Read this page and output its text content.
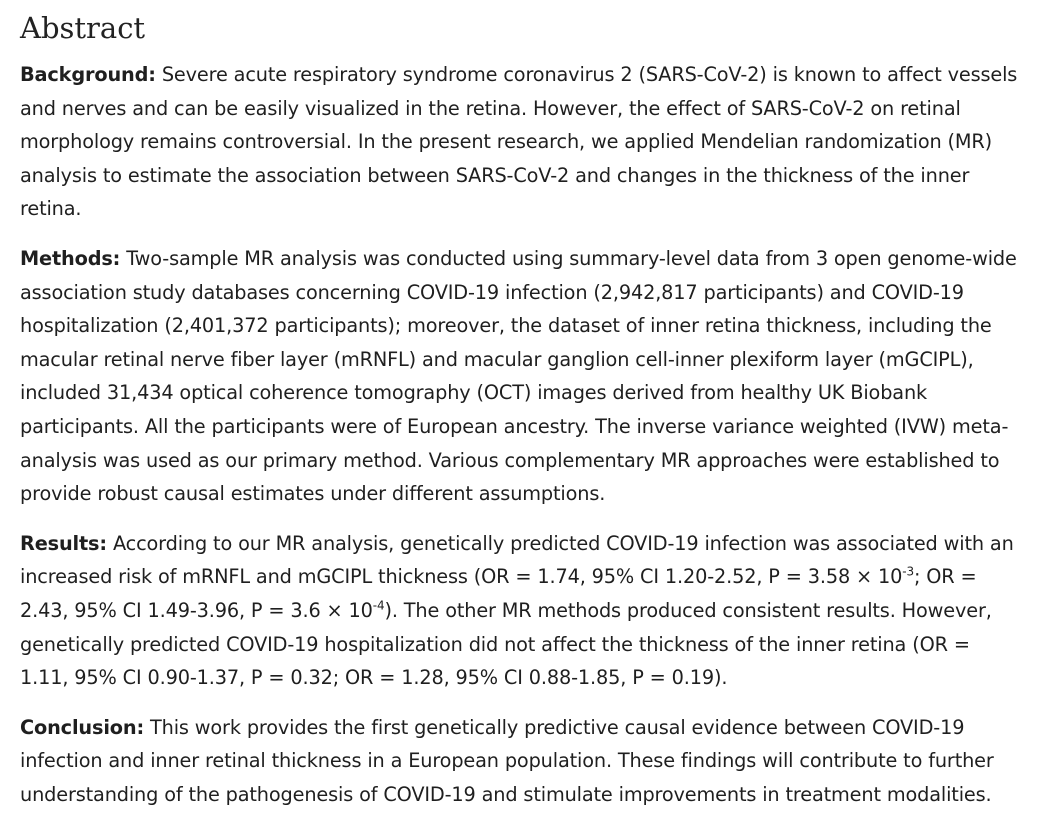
Abstract

Background: Severe acute respiratory syndrome coronavirus 2 (SARS-CoV-2) is known to affect vessels and nerves and can be easily visualized in the retina. However, the effect of SARS-CoV-2 on retinal morphology remains controversial. In the present research, we applied Mendelian randomization (MR) analysis to estimate the association between SARS-CoV-2 and changes in the thickness of the inner retina.

Methods: Two-sample MR analysis was conducted using summary-level data from 3 open genome-wide association study databases concerning COVID-19 infection (2,942,817 participants) and COVID-19 hospitalization (2,401,372 participants); moreover, the dataset of inner retina thickness, including the macular retinal nerve fiber layer (mRNFL) and macular ganglion cell-inner plexiform layer (mGCIPL), included 31,434 optical coherence tomography (OCT) images derived from healthy UK Biobank participants. All the participants were of European ancestry. The inverse variance weighted (IVW) meta-analysis was used as our primary method. Various complementary MR approaches were established to provide robust causal estimates under different assumptions.

Results: According to our MR analysis, genetically predicted COVID-19 infection was associated with an increased risk of mRNFL and mGCIPL thickness (OR = 1.74, 95% CI 1.20-2.52, $P = 3.58 \times 10^{-3}$; OR = 2.43, 95% CI 1.49-3.96, $P = 3.6 \times 10^{-4}$). The other MR methods produced consistent results. However, genetically predicted COVID-19 hospitalization did not affect the thickness of the inner retina (OR = 1.11, 95% CI 0.90-1.37, P = 0.32; OR = 1.28, 95% CI 0.88-1.85, P = 0.19).

Conclusion: This work provides the first genetically predictive causal evidence between COVID-19 infection and inner retinal thickness in a European population. These findings will contribute to further understanding of the pathogenesis of COVID-19 and stimulate improvements in treatment modalities.
